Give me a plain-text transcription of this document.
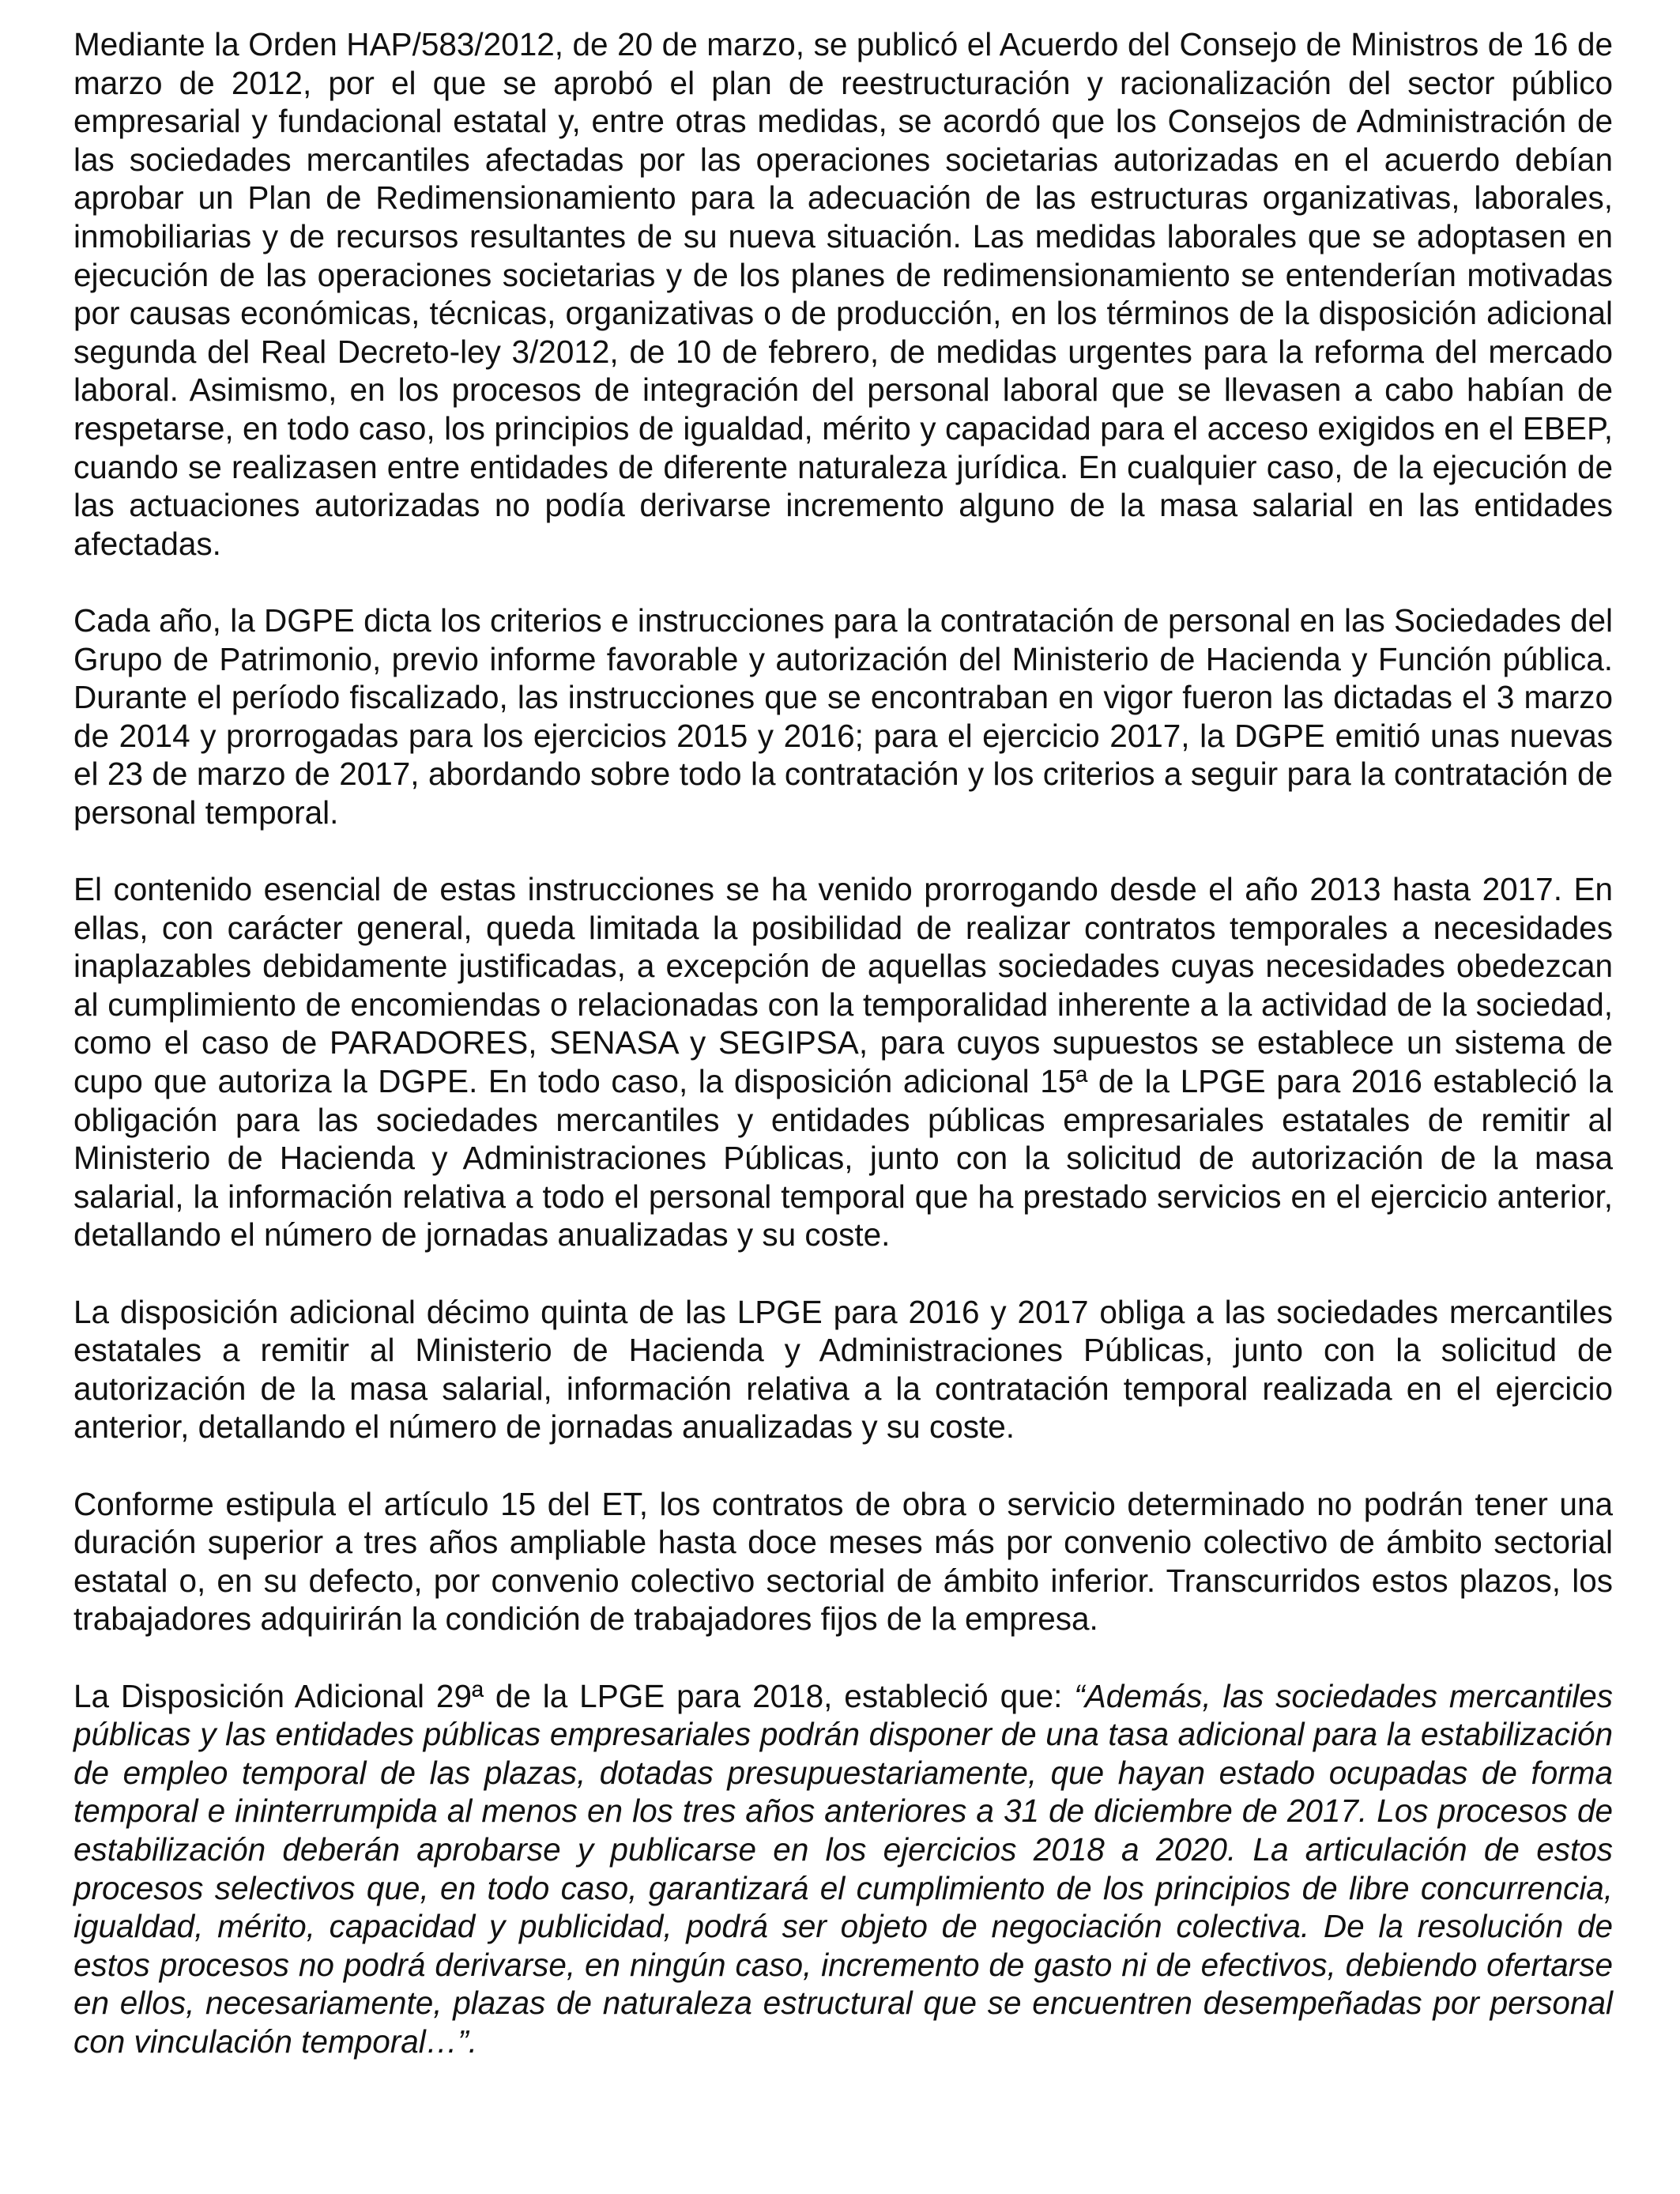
Mediante la Orden HAP/583/2012, de 20 de marzo, se publicó el Acuerdo del Consejo de Ministros de 16 de marzo de 2012, por el que se aprobó el plan de reestructuración y racionalización del sector público empresarial y fundacional estatal y, entre otras medidas, se acordó que los Consejos de Administración de las sociedades mercantiles afectadas por las operaciones societarias autorizadas en el acuerdo debían aprobar un Plan de Redimensionamiento para la adecuación de las estructuras organizativas, laborales, inmobiliarias y de recursos resultantes de su nueva situación. Las medidas laborales que se adoptasen en ejecución de las operaciones societarias y de los planes de redimensionamiento se entenderían motivadas por causas económicas, técnicas, organizativas o de producción, en los términos de la disposición adicional segunda del Real Decreto-ley 3/2012, de 10 de febrero, de medidas urgentes para la reforma del mercado laboral. Asimismo, en los procesos de integración del personal laboral que se llevasen a cabo habían de respetarse, en todo caso, los principios de igualdad, mérito y capacidad para el acceso exigidos en el EBEP, cuando se realizasen entre entidades de diferente naturaleza jurídica. En cualquier caso, de la ejecución de las actuaciones autorizadas no podía derivarse incremento alguno de la masa salarial en las entidades afectadas.

Cada año, la DGPE dicta los criterios e instrucciones para la contratación de personal en las Sociedades del Grupo de Patrimonio, previo informe favorable y autorización del Ministerio de Hacienda y Función pública. Durante el período fiscalizado, las instrucciones que se encontraban en vigor fueron las dictadas el 3 marzo de 2014 y prorrogadas para los ejercicios 2015 y 2016; para el ejercicio 2017, la DGPE emitió unas nuevas el 23 de marzo de 2017, abordando sobre todo la contratación y los criterios a seguir para la contratación de personal temporal.

El contenido esencial de estas instrucciones se ha venido prorrogando desde el año 2013 hasta 2017. En ellas, con carácter general, queda limitada la posibilidad de realizar contratos temporales a necesidades inaplazables debidamente justificadas, a excepción de aquellas sociedades cuyas necesidades obedezcan al cumplimiento de encomiendas o relacionadas con la temporalidad inherente a la actividad de la sociedad, como el caso de PARADORES, SENASA y SEGIPSA, para cuyos supuestos se establece un sistema de cupo que autoriza la DGPE. En todo caso, la disposición adicional 15ª de la LPGE para 2016 estableció la obligación para las sociedades mercantiles y entidades públicas empresariales estatales de remitir al Ministerio de Hacienda y Administraciones Públicas, junto con la solicitud de autorización de la masa salarial, la información relativa a todo el personal temporal que ha prestado servicios en el ejercicio anterior, detallando el número de jornadas anualizadas y su coste.

La disposición adicional décimo quinta de las LPGE para 2016 y 2017 obliga a las sociedades mercantiles estatales a remitir al Ministerio de Hacienda y Administraciones Públicas, junto con la solicitud de autorización de la masa salarial, información relativa a la contratación temporal realizada en el ejercicio anterior, detallando el número de jornadas anualizadas y su coste.

Conforme estipula el artículo 15 del ET, los contratos de obra o servicio determinado no podrán tener una duración superior a tres años ampliable hasta doce meses más por convenio colectivo de ámbito sectorial estatal o, en su defecto, por convenio colectivo sectorial de ámbito inferior. Transcurridos estos plazos, los trabajadores adquirirán la condición de trabajadores fijos de la empresa.

La Disposición Adicional 29ª de la LPGE para 2018, estableció que: “Además, las sociedades mercantiles públicas y las entidades públicas empresariales podrán disponer de una tasa adicional para la estabilización de empleo temporal de las plazas, dotadas presupuestariamente, que hayan estado ocupadas de forma temporal e ininterrumpida al menos en los tres años anteriores a 31 de diciembre de 2017. Los procesos de estabilización deberán aprobarse y publicarse en los ejercicios 2018 a 2020. La articulación de estos procesos selectivos que, en todo caso, garantizará el cumplimiento de los principios de libre concurrencia, igualdad, mérito, capacidad y publicidad, podrá ser objeto de negociación colectiva. De la resolución de estos procesos no podrá derivarse, en ningún caso, incremento de gasto ni de efectivos, debiendo ofertarse en ellos, necesariamente, plazas de naturaleza estructural que se encuentren desempeñadas por personal con vinculación temporal…”.
